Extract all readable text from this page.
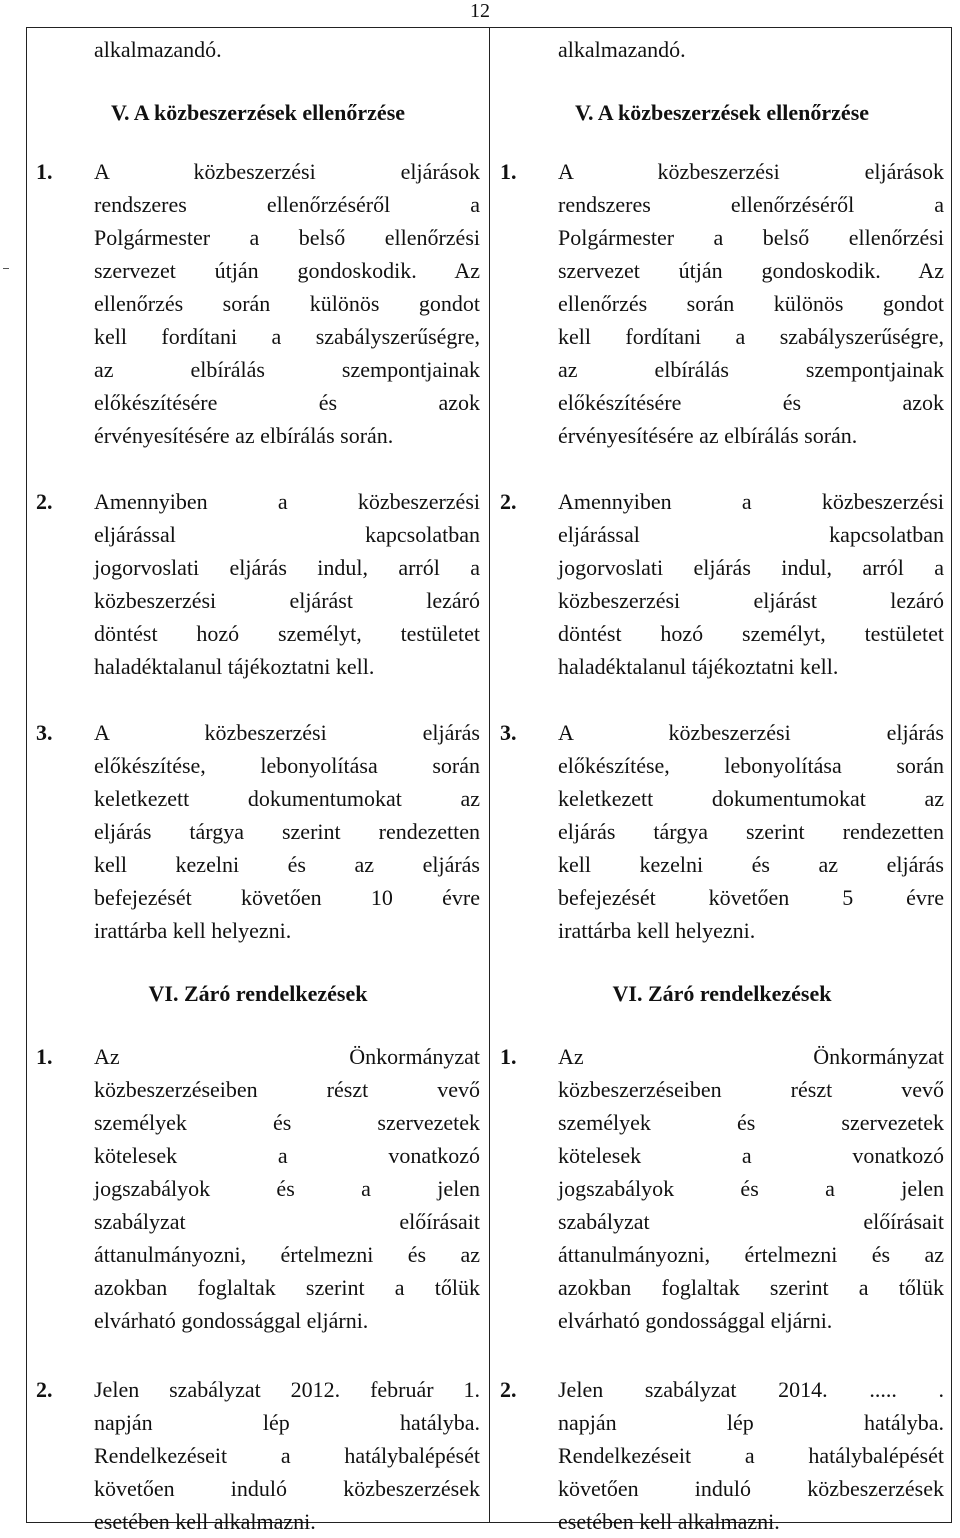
12
alkalmazandó.
V. A közbeszerzések ellenőrzése
1. A közbeszerzési eljárások
rendszeres ellenőrzéséről a
Polgármester a belső ellenőrzési
szervezet útján gondoskodik. Az
ellenőrzés során különös gondot
kell fordítani a szabályszerűségre,
az elbírálás szempontjainak
előkészítésére és azok
érvényesítésére az elbírálás során.
2. Amennyiben a közbeszerzési
eljárással kapcsolatban
jogorvoslati eljárás indul, arról a
közbeszerzési eljárást lezáró
döntést hozó személyt, testületet
haladéktalanul tájékoztatni kell.
3. A közbeszerzési eljárás
előkészítése, lebonyolítása során
keletkezett dokumentumokat az
eljárás tárgya szerint rendezetten
kell kezelni és az eljárás
befejezését követően 10 évre
irattárba kell helyezni.
VI. Záró rendelkezések
1. Az Önkormányzat
közbeszerzéseiben részt vevő
személyek és szervezetek
kötelesek a vonatkozó
jogszabályok és a jelen
szabályzat előírásait
áttanulmányozni, értelmezni és az
azokban foglaltak szerint a tőlük
elvárható gondossággal eljárni.
2. Jelen szabályzat 2012. február 1.
napján lép hatályba.
Rendelkezéseit a hatálybalépését
követően induló közbeszerzések
esetében kell alkalmazni.
alkalmazandó.
V. A közbeszerzések ellenőrzése
1. A közbeszerzési eljárások
rendszeres ellenőrzéséről a
Polgármester a belső ellenőrzési
szervezet útján gondoskodik. Az
ellenőrzés során különös gondot
kell fordítani a szabályszerűségre,
az elbírálás szempontjainak
előkészítésére és azok
érvényesítésére az elbírálás során.
2. Amennyiben a közbeszerzési
eljárással kapcsolatban
jogorvoslati eljárás indul, arról a
közbeszerzési eljárást lezáró
döntést hozó személyt, testületet
haladéktalanul tájékoztatni kell.
3. A közbeszerzési eljárás
előkészítése, lebonyolítása során
keletkezett dokumentumokat az
eljárás tárgya szerint rendezetten
kell kezelni és az eljárás
befejezését követően 5 évre
irattárba kell helyezni.
VI. Záró rendelkezések
1. Az Önkormányzat
közbeszerzéseiben részt vevő
személyek és szervezetek
kötelesek a vonatkozó
jogszabályok és a jelen
szabályzat előírásait
áttanulmányozni, értelmezni és az
azokban foglaltak szerint a tőlük
elvárható gondossággal eljárni.
2. Jelen szabályzat 2014. ..... .
napján lép hatályba.
Rendelkezéseit a hatálybalépését
követően induló közbeszerzések
esetében kell alkalmazni.
